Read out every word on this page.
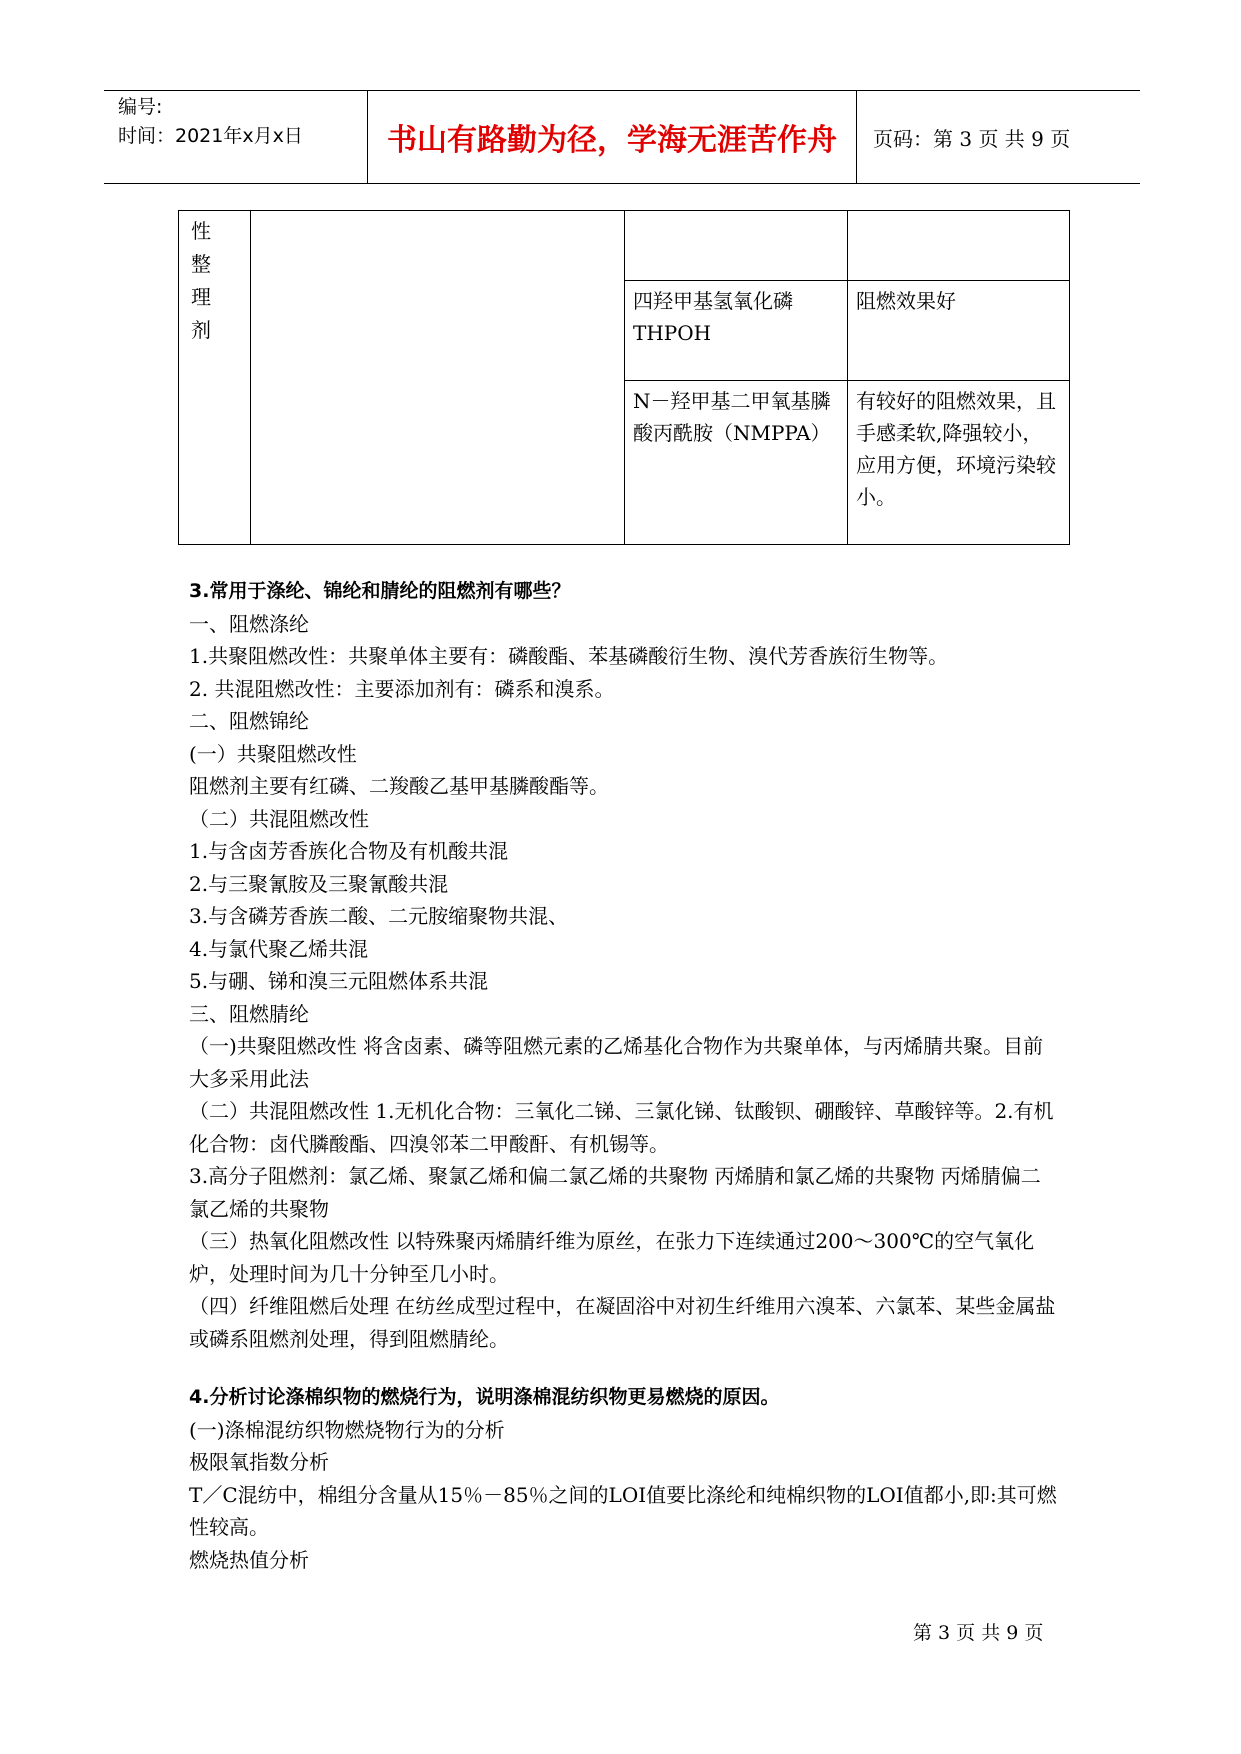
编号:
时间：2021年x月x日	书山有路勤为径，学海无涯苦作舟	页码：第 3 页 共 9 页
性
整
理
剂			

		四羟甲基氢氧化磷THPOH	阻燃效果好
		N－羟甲基二甲氧基膦酸丙酰胺（NMPPA）	有较好的阻燃效果，且手感柔软,降强较小，应用方便，环境污染较小。

3.常用于涤纶、锦纶和腈纶的阻燃剂有哪些？

一、阻燃涤纶

1.共聚阻燃改性：共聚单体主要有：磷酸酯、苯基磷酸衍生物、溴代芳香族衍生物等。

2. 共混阻燃改性：主要添加剂有：磷系和溴系。

二、阻燃锦纶

(一）共聚阻燃改性

阻燃剂主要有红磷、二羧酸乙基甲基膦酸酯等。

（二）共混阻燃改性

1.与含卤芳香族化合物及有机酸共混

2.与三聚氰胺及三聚氰酸共混

3.与含磷芳香族二酸、二元胺缩聚物共混、

4.与氯代聚乙烯共混

5.与硼、锑和溴三元阻燃体系共混

三、阻燃腈纶

（一)共聚阻燃改性 将含卤素、磷等阻燃元素的乙烯基化合物作为共聚单体，与丙烯腈共聚。目前大多采用此法

（二）共混阻燃改性 1.无机化合物：三氧化二锑、三氯化锑、钛酸钡、硼酸锌、草酸锌等。2.有机化合物：卤代膦酸酯、四溴邻苯二甲酸酐、有机锡等。

3.高分子阻燃剂：氯乙烯、聚氯乙烯和偏二氯乙烯的共聚物 丙烯腈和氯乙烯的共聚物 丙烯腈偏二氯乙烯的共聚物

（三）热氧化阻燃改性 以特殊聚丙烯腈纤维为原丝，在张力下连续通过200～300℃的空气氧化炉，处理时间为几十分钟至几小时。

（四）纤维阻燃后处理 在纺丝成型过程中，在凝固浴中对初生纤维用六溴苯、六氯苯、某些金属盐或磷系阻燃剂处理，得到阻燃腈纶。

4.分析讨论涤棉织物的燃烧行为，说明涤棉混纺织物更易燃烧的原因。

(一)涤棉混纺织物燃烧物行为的分析

极限氧指数分析

T／C混纺中，棉组分含量从15％－85％之间的LOI值要比涤纶和纯棉织物的LOI值都小,即:其可燃性较高。

燃烧热值分析

第 3 页 共 9 页
